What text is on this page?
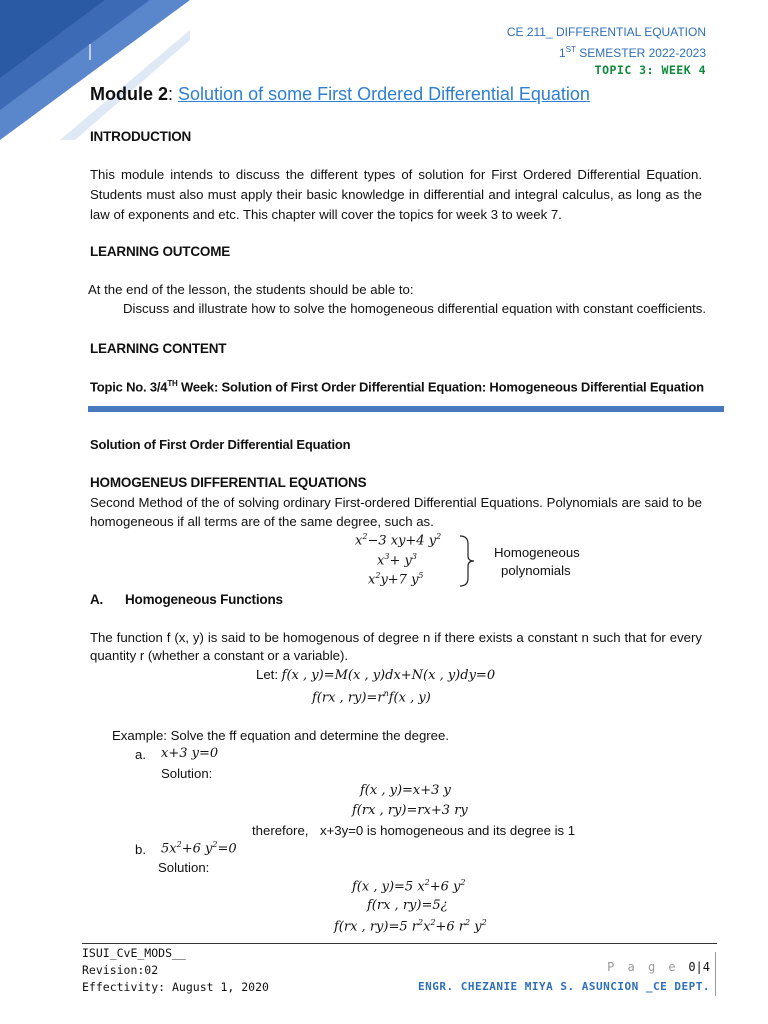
CE 211_ DIFFERENTIAL EQUATION
1ST SEMESTER 2022-2023
TOPIC 3: WEEK 4
Module 2: Solution of some First Ordered Differential Equation
INTRODUCTION
This module intends to discuss the different types of solution for First Ordered Differential Equation. Students must also must apply their basic knowledge in differential and integral calculus, as long as the law of exponents and etc. This chapter will cover the topics for week 3 to week 7.
LEARNING OUTCOME
At the end of the lesson, the students should be able to:
Discuss and illustrate how to solve the homogeneous differential equation with constant coefficients.
LEARNING CONTENT
Topic No. 3/4TH Week: Solution of First Order Differential Equation: Homogeneous Differential Equation
Solution of First Order Differential Equation
HOMOGENEUS DIFFERENTIAL EQUATIONS
Second Method of the of solving ordinary First-ordered Differential Equations. Polynomials are said to be homogeneous if all terms are of the same degree, such as.
$x^2-3$ xy+4 $y^2$
$x^3+ y^3$
$x^2y+7$ $y^5$
Homogeneous
polynomials
A. Homogeneous Functions
The function f (x, y) is said to be homogenous of degree n if there exists a constant n such that for every quantity r (whether a constant or a variable).
Let: f(x , y)=M(x , y)dx+N(x , y)dy=0
f(rx , $ry)=r^nf(x$ , y)
Example: Solve the ff equation and determine the degree.
a. x+3 y=0
Solution:
f(x , y)=x+3 y
f(rx , ry)=rx+3 ry
therefore, x+3y=0 is homogeneous and its degree is 1
b. $5x^2+6$ $y^2=0$
Solution:
f(x , y)=5 $x^2+6$ $y^2$
f(rx , ry)=5¿
f(rx , ry)=5 $r^2x^2+6$ $r^2$ $y^2$
ISUI_CvE_MODS__
Revision:02
Effectivity: August 1, 2020
P a g e 0|4
ENGR. CHEZANIE MIYA S. ASUNCION _CE DEPT.
